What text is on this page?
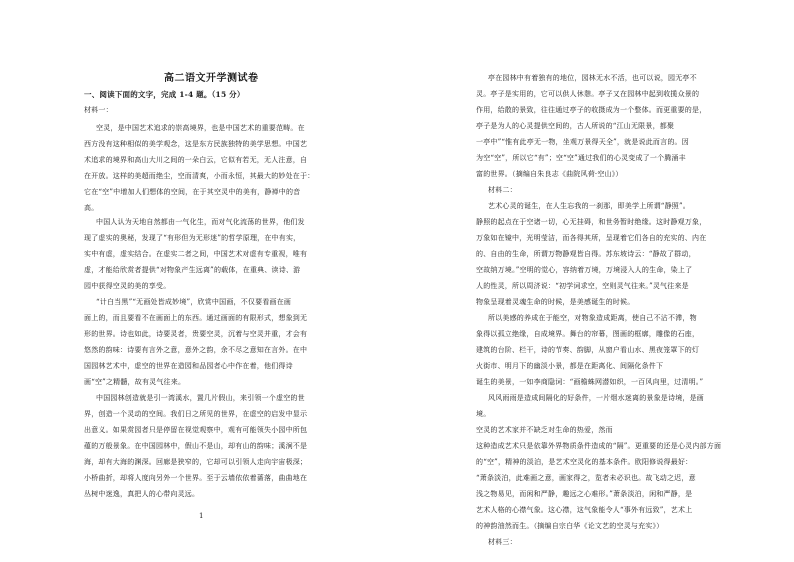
高二语文开学测试卷
一、阅读下面的文字，完成 1-4 题。（15 分）
材料一：
空灵，是中国艺术追求的崇高境界，也是中国艺术的重要范畴。在
西方没有这种相似的美学观念，这是东方民族独特的美学思想。中国艺
术追求的境界和高山大川之间的一朵白云，它似有若无，无人注意，自
在开放。这样的美超而绝尘，空而清爽，小而永恒，其最大的妙处在于：
它在“空”中增加人们想体的空间，在于其空灵中的美有，静禅中的音
高。
中国人认为天地自然都由一气化生，而对气化流荡的世界，他们发
现了虚实的奥秘，发现了“有形但为无形迷”的哲学原理，在中有实，
实中有虚，虚实结合。在虚实二者之间，中国艺术对虚有专重视，唯有
虚，才能给欣赏者提供“对物象产生远离”的载体，在重典、读诗、游
园中获得空灵的美的享受。
“计白当黑”“无画处皆成妙境”，欣赏中国画，不仅要看画在画
面上的，而且要看不在画面上的东西。通过画面的有限形式，想象到无
形的世界。诗也如此，诗要灵者，贵要空灵，沉着与空灵并重，才会有
悠然的韵味：诗要有言外之意，意外之韵，余不尽之意知在言外。在中
国园林艺术中，虚空的世界在造园和品园者心中作在着，他们得诗
画“空”之精髓，故有灵气往来。
中国园林创造就是引一湾溪水，置几片假山，来引领一个虚空的世
界，创造一个灵动的空间。我们日之所见的世界，在虚空的启发中显示
出意义。如果赏园者只是停留在视觉观察中，观有可能领失小园中所包
蕴的万般景象。在中国园林中，假山不是山，却有山的韵味；溪涧不是
海，却有大海的渊深。回廊是狭窄的，它却可以引领人走向宇宙极深；
小桥曲折，却将人度向另外一个世界。至于云墙依依着蔷落，曲曲地在
丛树中迷逸，真把人的心带向灵远。
亭在园林中有着独有的地位，园林无水不活，也可以说，园无亭不
灵。亭子是实用的，它可以供人休憩。亭子又在园林中起到收揽众景的
作用，给散的景致，往往通过亭子的收摄成为一个整体。而更重要的是，
亭子是为人的心灵提供空间的，古人所说的“江山无限景，都聚
一亭中”“惟有此亭无一物，坐观万景得天全”，就是说此而言的。因
为空“空”，所以它“有”；空“空”通过我们的心灵变成了一个腾涌丰
富的世界。（摘编自朱良志《曲院风荷·空山》）
材料二：
艺术心灵的诞生，在人生忘我的一刹那，即美学上所谓“静照”。
静照的起点在于空诸一切，心无挂碍，和世务暂时绝缘。这时静观万象，
万象如在镜中，光明莹洁，而各得其所，呈现着它们各自的充实的、内在
的、自由的生命，所谓万物静观皆自得。苏东坡诗云：“静故了群动，
空故纳万境。”空明的觉心，容纳着万境，万境浸入人的生命，染上了
人的性灵，所以周济说：“初学词求空，空则灵气往来。”灵气往来是
物象呈现着灵魂生命的时候，是美感诞生的时候。
所以美感的养成在于能空，对物象造成距离，使自己不沾不滞，物
象得以孤立绝缘，自成境界。舞台的帘幕，图画的框廓，雕像的石座，
建筑的台阶、栏干，诗的节奏、韵脚，从窗户看山水、黑夜笼罩下的灯
火街市、明月下的幽淡小景，都是在距离化、间隔化条件下
诞生的美景，一如李商隐词：“画檐蛛网潜如织，一百风向里，过清明。”
风风雨雨是造成间隔化的好条件，一片烟水迷离的景象是诗境，是画
境。
空灵的艺术家并不缺乏对生命的热爱，然而
这种造成艺术只是依靠外界物质条件造成的“隔”。更重要的还是心灵内部方面
的“空”，精神的淡泊，是艺术空灵化的基本条件。欧阳修说得最好：
“萧条淡泊，此难画之意，画家得之，览者未必识也。故飞动之迟，意
浅之物易见，而闲和严静，趣远之心难形。”萧条淡泊，闲和严静，是
艺术人格的心襟气象。这心襟，这气象能令人“事外有远致”，艺术上
的神韵油然而生。（摘编自宗白华《论文艺的空灵与充实》）
材料三：
1
